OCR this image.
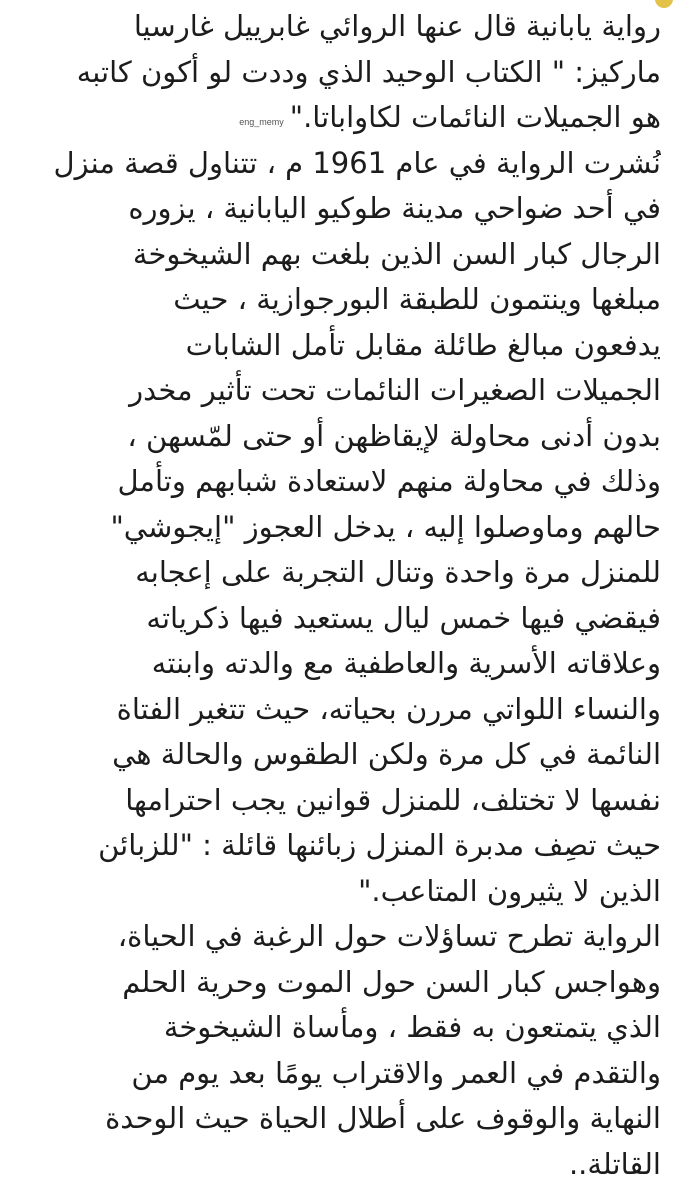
رواية يابانية قال عنها الروائي غابرييل غارسيا
ماركيز: " الكتاب الوحيد الذي وددت لو أكون كاتبه
هو الجميلات النائمات لكاواباتا."eng_memy
نُشرت الرواية في عام 1961 م ، تتناول قصة منزل
في أحد ضواحي مدينة طوكيو اليابانية ، يزوره
الرجال كبار السن الذين بلغت بهم الشيخوخة
مبلغها وينتمون للطبقة البورجوازية ، حيث
يدفعون مبالغ طائلة مقابل تأمل الشابات
الجميلات الصغيرات النائمات تحت تأثير مخدر
بدون أدنى محاولة لإيقاظهن أو حتى لمّسهن ،
وذلك في محاولة منهم لاستعادة شبابهم وتأمل
حالهم وماوصلوا إليه ، يدخل العجوز "إيجوشي"
للمنزل مرة واحدة وتنال التجربة على إعجابه
فيقضي فيها خمس ليال يستعيد فيها ذكرياته
وعلاقاته الأسرية والعاطفية مع والدته وابنته
والنساء اللواتي مررن بحياته، حيث تتغير الفتاة
النائمة في كل مرة ولكن الطقوس والحالة هي
نفسها لا تختلف، للمنزل قوانين يجب احترامها
حيث تصِف مدبرة المنزل زبائنها قائلة : "للزبائن
الذين لا يثيرون المتاعب."
الرواية تطرح تساؤلات حول الرغبة في الحياة،
وهواجس كبار السن حول الموت وحرية الحلم
الذي يتمتعون به فقط ، ومأساة الشيخوخة
والتقدم في العمر والاقتراب يومًا بعد يوم من
النهاية والوقوف على أطلال الحياة حيث الوحدة
القاتلة..
